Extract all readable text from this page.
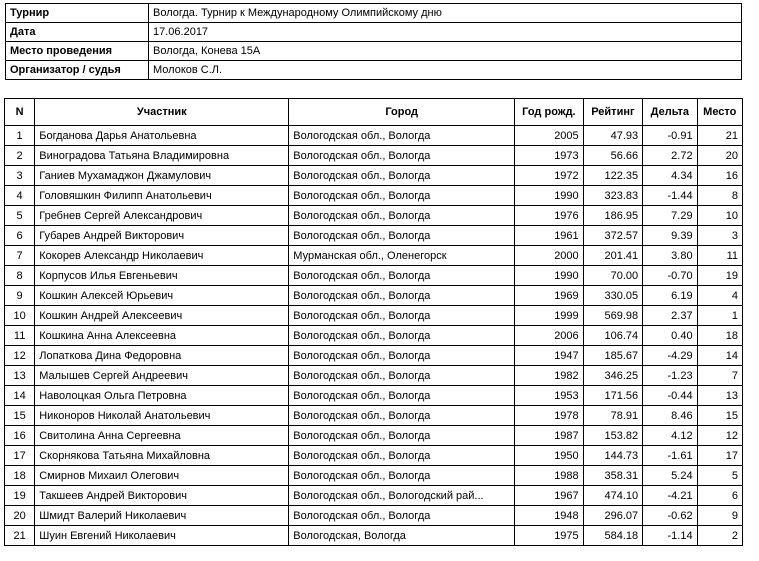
Турнир	Вологда. Турнир к Международному Олимпийскому дню
Дата	17.06.2017
Место проведения	Вологда, Конева 15А
Организатор / судья	Молоков С.Л.
N	Участник	Город	Год рожд.	Рейтинг	Дельта	Место
1	Богданова Дарья Анатольевна	Вологодская обл., Вологда	2005	47.93	-0.91	21
2	Виноградова Татьяна Владимировна	Вологодская обл., Вологда	1973	56.66	2.72	20
3	Ганиев Мухамаджон Джамулович	Вологодская обл., Вологда	1972	122.35	4.34	16
4	Головяшкин Филипп Анатольевич	Вологодская обл., Вологда	1990	323.83	-1.44	8
5	Гребнев Сергей Александрович	Вологодская обл., Вологда	1976	186.95	7.29	10
6	Губарев Андрей Викторович	Вологодская обл., Вологда	1961	372.57	9.39	3
7	Кокорев Александр Николаевич	Мурманская обл., Оленегорск	2000	201.41	3.80	11
8	Корпусов Илья Евгеньевич	Вологодская обл., Вологда	1990	70.00	-0.70	19
9	Кошкин Алексей Юрьевич	Вологодская обл., Вологда	1969	330.05	6.19	4
10	Кошкин Андрей Алексеевич	Вологодская обл., Вологда	1999	569.98	2.37	1
11	Кошкина Анна Алексеевна	Вологодская обл., Вологда	2006	106.74	0.40	18
12	Лопаткова Дина Федоровна	Вологодская обл., Вологда	1947	185.67	-4.29	14
13	Малышев Сергей Андреевич	Вологодская обл., Вологда	1982	346.25	-1.23	7
14	Наволоцкая Ольга Петровна	Вологодская обл., Вологда	1953	171.56	-0.44	13
15	Никоноров Николай Анатольевич	Вологодская обл., Вологда	1978	78.91	8.46	15
16	Свитолина Анна Сергеевна	Вологодская обл., Вологда	1987	153.82	4.12	12
17	Скорнякова Татьяна Михайловна	Вологодская обл., Вологда	1950	144.73	-1.61	17
18	Смирнов Михаил Олегович	Вологодская обл., Вологда	1988	358.31	5.24	5
19	Такшеев Андрей Викторович	Вологодская обл., Вологодский рай...	1967	474.10	-4.21	6
20	Шмидт Валерий Николаевич	Вологодская обл., Вологда	1948	296.07	-0.62	9
21	Шуин Евгений Николаевич	Вологодская, Вологда	1975	584.18	-1.14	2
